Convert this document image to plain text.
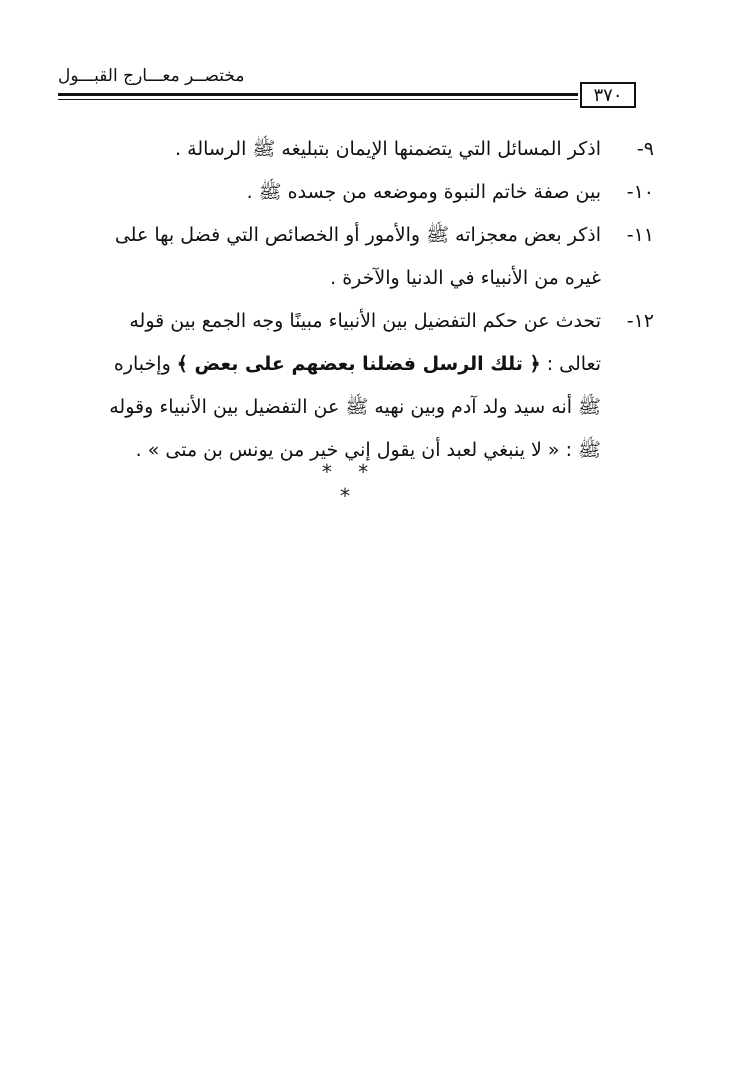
مختصــر معـــارج القبـــول
٣٧٠
٩-
اذكر المسائل التي يتضمنها الإيمان بتبليغه ﷺ الرسالة .
١٠-
بين صفة خاتم النبوة وموضعه من جسده ﷺ .
١١-
اذكر بعض معجزاته ﷺ والأمور أو الخصائص التي فضل بها على غيره من الأنبياء في الدنيا والآخرة .
١٢-
تحدث عن حكم التفضيل بين الأنبياء مبينًا وجه الجمع بين قوله تعالى : ﴿ تلك الرسل فضلنا بعضهم على بعض ﴾ وإخباره ﷺ أنه سيد ولد آدم وبين نهيه ﷺ عن التفضيل بين الأنبياء وقوله ﷺ : « لا ينبغي لعبد أن يقول إني خير من يونس بن متى » .
* * *
